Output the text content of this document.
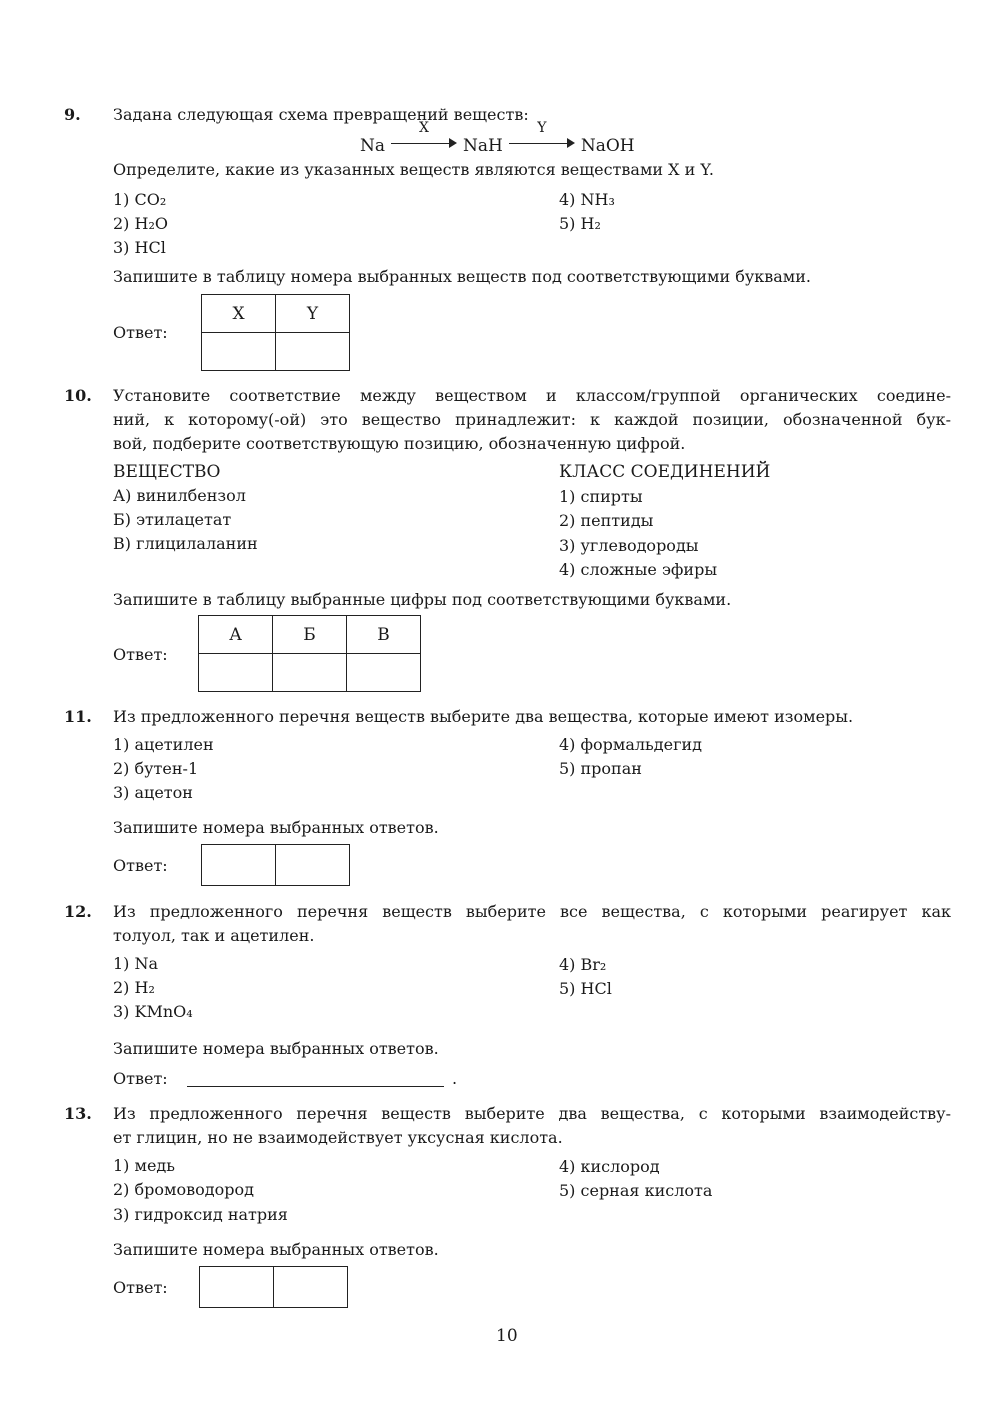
9. Задана следующая схема превращений веществ:
Na
X
NaH
Y
NaOH
Определите, какие из указанных веществ являются веществами X и Y.
1) CO₂
2) H₂O
3) HCl
4) NH₃
5) H₂
Запишите в таблицу номера выбранных веществ под соответствующими буквами.
Ответ:
X	Y

10. Установите соответствие между веществом и классом/группой органических соедине-
ний, к которому(-ой) это вещество принадлежит: к каждой позиции, обозначенной бук-
вой, подберите соответствующую позицию, обозначенную цифрой.
ВЕЩЕСТВО
А) винилбензол
Б) этилацетат
В) глицилаланин
КЛАСС СОЕДИНЕНИЙ
1) спирты
2) пептиды
3) углеводороды
4) сложные эфиры
Запишите в таблицу выбранные цифры под соответствующими буквами.
Ответ:
А	Б	В

11. Из предложенного перечня веществ выберите два вещества, которые имеют изомеры.
1) ацетилен
2) бутен-1
3) ацетон
4) формальдегид
5) пропан
Запишите номера выбранных ответов.
Ответ:

12. Из предложенного перечня веществ выберите все вещества, с которыми реагирует как
толуол, так и ацетилен.
1) Na
2) H₂
3) KMnO₄
4) Br₂
5) HCl
Запишите номера выбранных ответов.
Ответ:	.
13. Из предложенного перечня веществ выберите два вещества, с которыми взаимодейству-
ет глицин, но не взаимодействует уксусная кислота.
1) медь
2) бромоводород
3) гидроксид натрия
4) кислород
5) серная кислота
Запишите номера выбранных ответов.
Ответ:

10
